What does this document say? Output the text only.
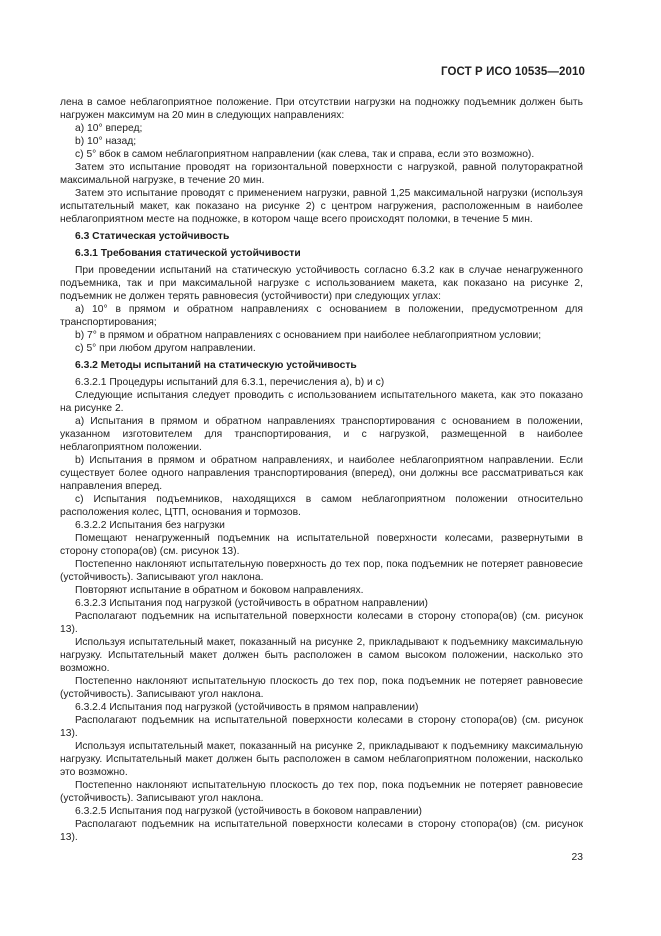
ГОСТ Р ИСО 10535—2010

лена в самое неблагоприятное положение. При отсутствии нагрузки на подножку подъемник должен быть нагружен максимум на 20 мин в следующих направлениях:

a) 10° вперед;

b) 10° назад;

c) 5° вбок в самом неблагоприятном направлении (как слева, так и справа, если это возможно).

Затем это испытание проводят на горизонтальной поверхности с нагрузкой, равной полуторакратной максимальной нагрузке, в течение 20 мин.

Затем это испытание проводят с применением нагрузки, равной 1,25 максимальной нагрузки (используя испытательный макет, как показано на рисунке 2) с центром нагружения, расположенным в наиболее неблагоприятном месте на подножке, в котором чаще всего происходят поломки, в течение 5 мин.

6.3 Статическая устойчивость

6.3.1 Требования статической устойчивости

При проведении испытаний на статическую устойчивость согласно 6.3.2 как в случае ненагруженного подъемника, так и при максимальной нагрузке с использованием макета, как показано на рисунке 2, подъемник не должен терять равновесия (устойчивости) при следующих углах:

a) 10° в прямом и обратном направлениях с основанием в положении, предусмотренном для транспортирования;

b) 7° в прямом и обратном направлениях с основанием при наиболее неблагоприятном условии;

c) 5° при любом другом направлении.

6.3.2 Методы испытаний на статическую устойчивость

6.3.2.1 Процедуры испытаний для 6.3.1, перечисления a), b) и c)

Следующие испытания следует проводить с использованием испытательного макета, как это показано на рисунке 2.

a) Испытания в прямом и обратном направлениях транспортирования с основанием в положении, указанном изготовителем для транспортирования, и с нагрузкой, размещенной в наиболее неблагоприятном положении.

b) Испытания в прямом и обратном направлениях, и наиболее неблагоприятном направлении. Если существует более одного направления транспортирования (вперед), они должны все рассматриваться как направления вперед.

c) Испытания подъемников, находящихся в самом неблагоприятном положении относительно расположения колес, ЦТП, основания и тормозов.

6.3.2.2 Испытания без нагрузки

Помещают ненагруженный подъемник на испытательной поверхности колесами, развернутыми в сторону стопора(ов) (см. рисунок 13).

Постепенно наклоняют испытательную поверхность до тех пор, пока подъемник не потеряет равновесие (устойчивость). Записывают угол наклона.

Повторяют испытание в обратном и боковом направлениях.

6.3.2.3 Испытания под нагрузкой (устойчивость в обратном направлении)

Располагают подъемник на испытательной поверхности колесами в сторону стопора(ов) (см. рисунок 13).

Используя испытательный макет, показанный на рисунке 2, прикладывают к подъемнику максимальную нагрузку. Испытательный макет должен быть расположен в самом высоком положении, насколько это возможно.

Постепенно наклоняют испытательную плоскость до тех пор, пока подъемник не потеряет равновесие (устойчивость). Записывают угол наклона.

6.3.2.4 Испытания под нагрузкой (устойчивость в прямом направлении)

Располагают подъемник на испытательной поверхности колесами в сторону стопора(ов) (см. рисунок 13).

Используя испытательный макет, показанный на рисунке 2, прикладывают к подъемнику максимальную нагрузку. Испытательный макет должен быть расположен в самом неблагоприятном положении, насколько это возможно.

Постепенно наклоняют испытательную плоскость до тех пор, пока подъемник не потеряет равновесие (устойчивость). Записывают угол наклона.

6.3.2.5 Испытания под нагрузкой (устойчивость в боковом направлении)

Располагают подъемник на испытательной поверхности колесами в сторону стопора(ов) (см. рисунок 13).

23
